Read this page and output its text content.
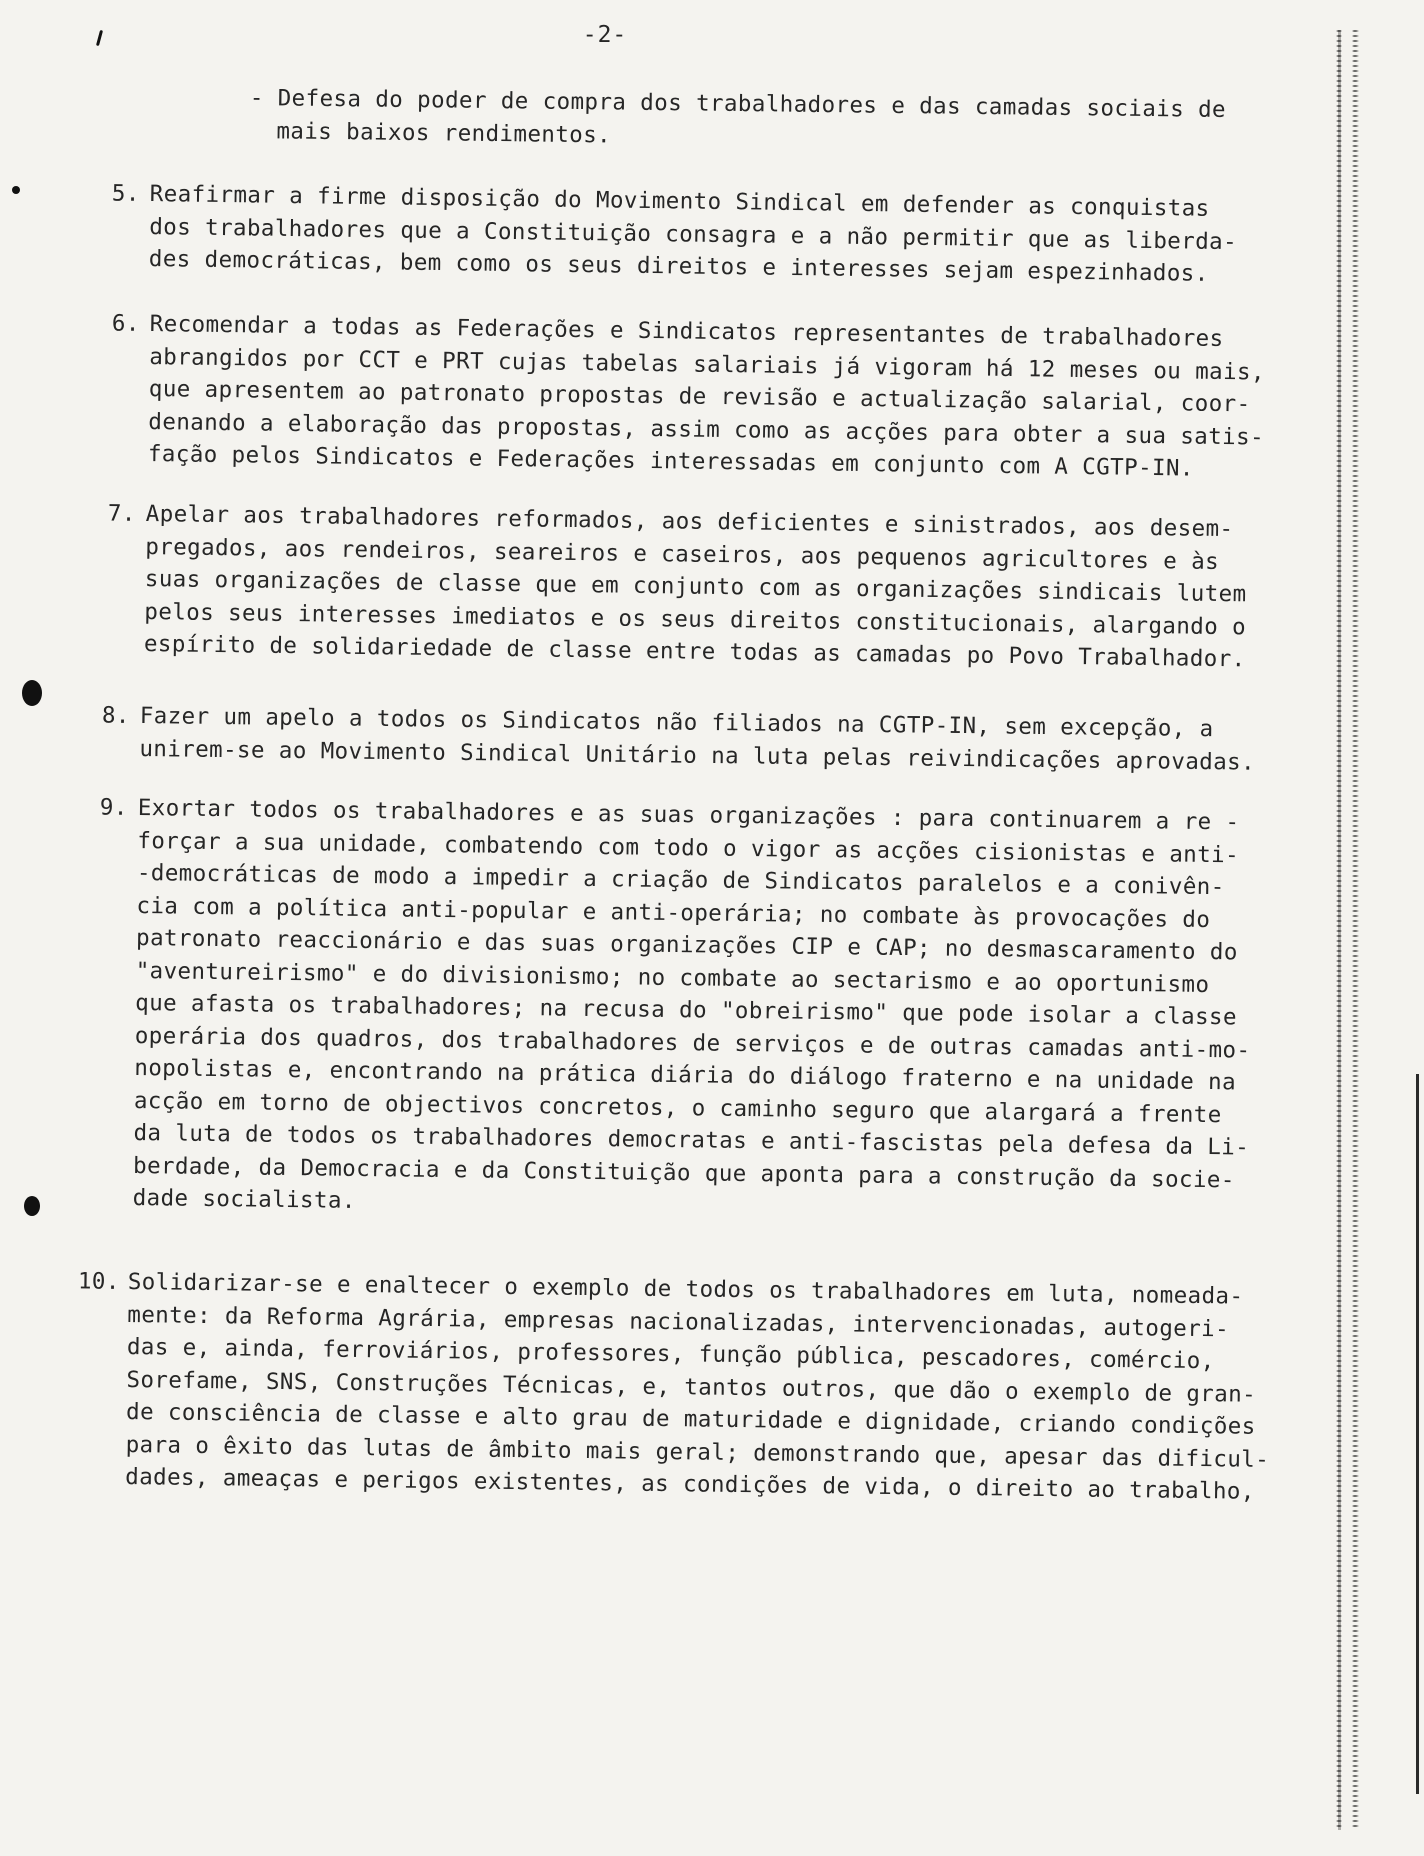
-2-

- Defesa do poder de compra dos trabalhadores e das camadas sociais de
mais baixos rendimentos.

5. Reafirmar a firme disposição do Movimento Sindical em defender as conquistas
dos trabalhadores que a Constituição consagra e a não permitir que as liberda-
des democráticas, bem como os seus direitos e interesses sejam espezinhados.

6. Recomendar a todas as Federações e Sindicatos representantes de trabalhadores
abrangidos por CCT e PRT cujas tabelas salariais já vigoram há 12 meses ou mais,
que apresentem ao patronato propostas de revisão e actualização salarial, coor-
denando a elaboração das propostas, assim como as acções para obter a sua satis-
fação pelos Sindicatos e Federações interessadas em conjunto com A CGTP-IN.

7. Apelar aos trabalhadores reformados, aos deficientes e sinistrados, aos desem-
pregados, aos rendeiros, seareiros e caseiros, aos pequenos agricultores e às
suas organizações de classe que em conjunto com as organizações sindicais lutem
pelos seus interesses imediatos e os seus direitos constitucionais, alargando o
espírito de solidariedade de classe entre todas as camadas po Povo Trabalhador.

8. Fazer um apelo a todos os Sindicatos não filiados na CGTP-IN, sem excepção, a
unirem-se ao Movimento Sindical Unitário na luta pelas reivindicações aprovadas.

9. Exortar todos os trabalhadores e as suas organizações : para continuarem a re -
forçar a sua unidade, combatendo com todo o vigor as acções cisionistas e anti-
-democráticas de modo a impedir a criação de Sindicatos paralelos e a conivên-
cia com a política anti-popular e anti-operária; no combate às provocações do
patronato reaccionário e das suas organizações CIP e CAP; no desmascaramento do
"aventureirismo" e do divisionismo; no combate ao sectarismo e ao oportunismo
que afasta os trabalhadores; na recusa do "obreirismo" que pode isolar a classe
operária dos quadros, dos trabalhadores de serviços e de outras camadas anti-mo-
nopolistas e, encontrando na prática diária do diálogo fraterno e na unidade na
acção em torno de objectivos concretos, o caminho seguro que alargará a frente
da luta de todos os trabalhadores democratas e anti-fascistas pela defesa da Li-
berdade, da Democracia e da Constituição que aponta para a construção da socie-
dade socialista.

10. Solidarizar-se e enaltecer o exemplo de todos os trabalhadores em luta, nomeada-
mente: da Reforma Agrária, empresas nacionalizadas, intervencionadas, autogeri-
das e, ainda, ferroviários, professores, função pública, pescadores, comércio,
Sorefame, SNS, Construções Técnicas, e, tantos outros, que dão o exemplo de gran-
de consciência de classe e alto grau de maturidade e dignidade, criando condições
para o êxito das lutas de âmbito mais geral; demonstrando que, apesar das dificul-
dades, ameaças e perigos existentes, as condições de vida, o direito ao trabalho,
